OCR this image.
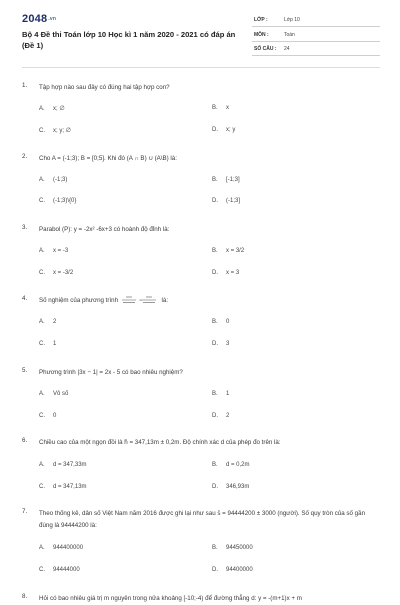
2048.vn
Bộ 4 Đề thi Toán lớp 10 Học kì 1 năm 2020 - 2021 có đáp án (Đề 1)
LỚP :	Lớp 10
MÔN :	Toán
SỐ CÂU : 24
1. Tập hợp nào sau đây có đúng hai tập hợp con?
A. x; ∅	B. x
C. x; y; ∅	D. x; y
2. Cho A = (-1;3); B = [0;5]. Khi đó (A ∩ B) ∪ (A\B) là:
A. (-1;3)	B. [-1;3]
C. (-1;3)\{0}	D. (-1;3]
3. Parabol (P): y = -2x² -6x+3 có hoành độ đỉnh là:
A. x = -3	B. x = 3/2
C. x = -3/2	D. x = 3
4. Số nghiệm của phương trình	=	là:
A. 2	B. 0
C. 1	D. 3
5. Phương trình |3x − 1| = 2x - 5 có bao nhiêu nghiệm?
A. Vô số	B. 1
C. 0	D. 2
6. Chiều cao của một ngọn đồi là h̄ = 347,13m ± 0,2m. Độ chính xác d của phép đo trên là:
A. d = 347,33m	B. d = 0,2m
C. d = 347,13m	D. 346,93m
7. Theo thống kê, dân số Việt Nam năm 2016 được ghi lại như sau s̄ = 94444200 ± 3000 (người). Số quy tròn của số gần đúng là 94444200 là:
A. 944400000	B. 94450000
C. 94444000	D. 94400000
8. Hỏi có bao nhiêu giá trị m nguyên trong nửa khoảng [-10;-4) để đường thẳng d: y = -(m+1)x + m
